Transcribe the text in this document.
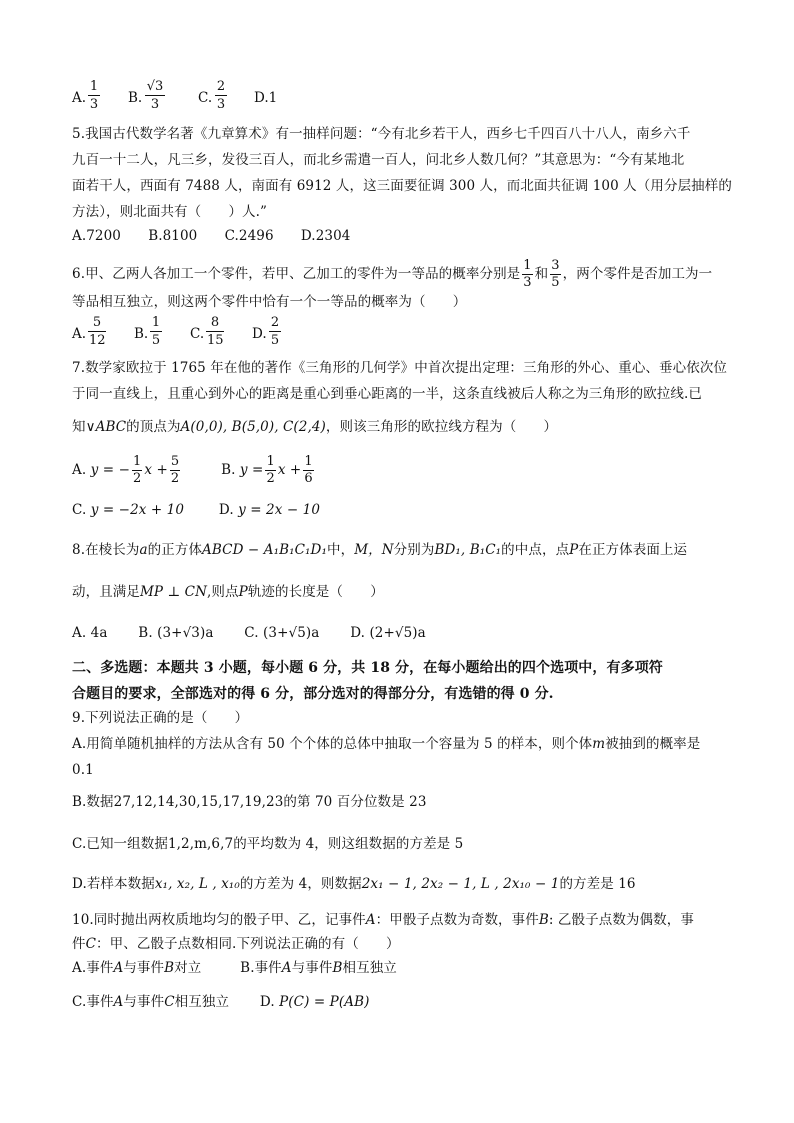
A. $\frac{1}{3} B$. $\frac{√3}{3} C$. $\frac{2}{3} D.1$
5.我国古代数学名著《九章算术》有一抽样问题：“今有北乡若干人，西乡七千四百八十八人，南乡六千
九百一十二人，凡三乡，发役三百人，而北乡需遣一百人，问北乡人数几何？”其意思为：“今有某地北
面若干人，西面有 7488 人，南面有 6912 人，这三面要征调 300 人，而北面共征调 100 人（用分层抽样的
方法），则北面共有（　　）人.”
A.7200　　B.8100　　C.2496　　D.2304
6.甲、乙两人各加工一个零件，若甲、乙加工的零件为一等品的概率分别是 $\frac{1}{3}$ 和 $\frac{3}{5}$ ，两个零件是否加工为一
等品相互独立，则这两个零件中恰有一个一等品的概率为（　　）
A. $\frac{5}{12} B$. $\frac{1}{5} C$. $\frac{8}{15} D$. $\frac{2}{5}$
7.数学家欧拉于 1765 年在他的著作《三角形的几何学》中首次提出定理：三角形的外心、重心、垂心依次位
于同一直线上，且重心到外心的距离是重心到垂心距离的一半，这条直线被后人称之为三角形的欧拉线.已
知∨ABC的顶点为A(0,0), B(5,0), C(2,4)，则该三角形的欧拉线方程为（　　）
A. y = − $\frac{1}{2}$ $x + \frac{5}{2}$	B. $y = \frac{1}{2}$ $x + \frac{1}{6}$
C. y = −2x + 10	D. y = 2x − 10
8.在棱长为a的正方体ABCD − A₁B₁C₁D₁中，M，N分别为BD₁, B₁C₁的中点，点P在正方体表面上运
动，且满足MP ⊥ CN,则点P轨迹的长度是（　　）
A. 4a B. (3+√3)a C. (3+√5)a D. (2+√5)a
二、多选题：本题共 3 小题，每小题 6 分，共 18 分，在每小题给出的四个选项中，有多项符
合题目的要求，全部选对的得 6 分，部分选对的得部分分，有选错的得 0 分.
9.下列说法正确的是（　　）
A.用简单随机抽样的方法从含有 50 个个体的总体中抽取一个容量为 5 的样本，则个体m被抽到的概率是
0.1
B.数据27,12,14,30,15,17,19,23的第 70 百分位数是 23
C.已知一组数据1,2,m,6,7的平均数为 4，则这组数据的方差是 5
D.若样本数据x₁, x₂, L , x₁₀的方差为 4，则数据2x₁ − 1, 2x₂ − 1, L , 2x₁₀ − 1的方差是 16
10.同时抛出两枚质地均匀的骰子甲、乙，记事件A：甲骰子点数为奇数，事件B: 乙骰子点数为偶数，事
件C：甲、乙骰子点数相同.下列说法正确的有（　　）
A.事件A与事件B对立	B.事件A与事件B相互独立
C.事件A与事件C相互独立 D. P(C) = P(AB)
